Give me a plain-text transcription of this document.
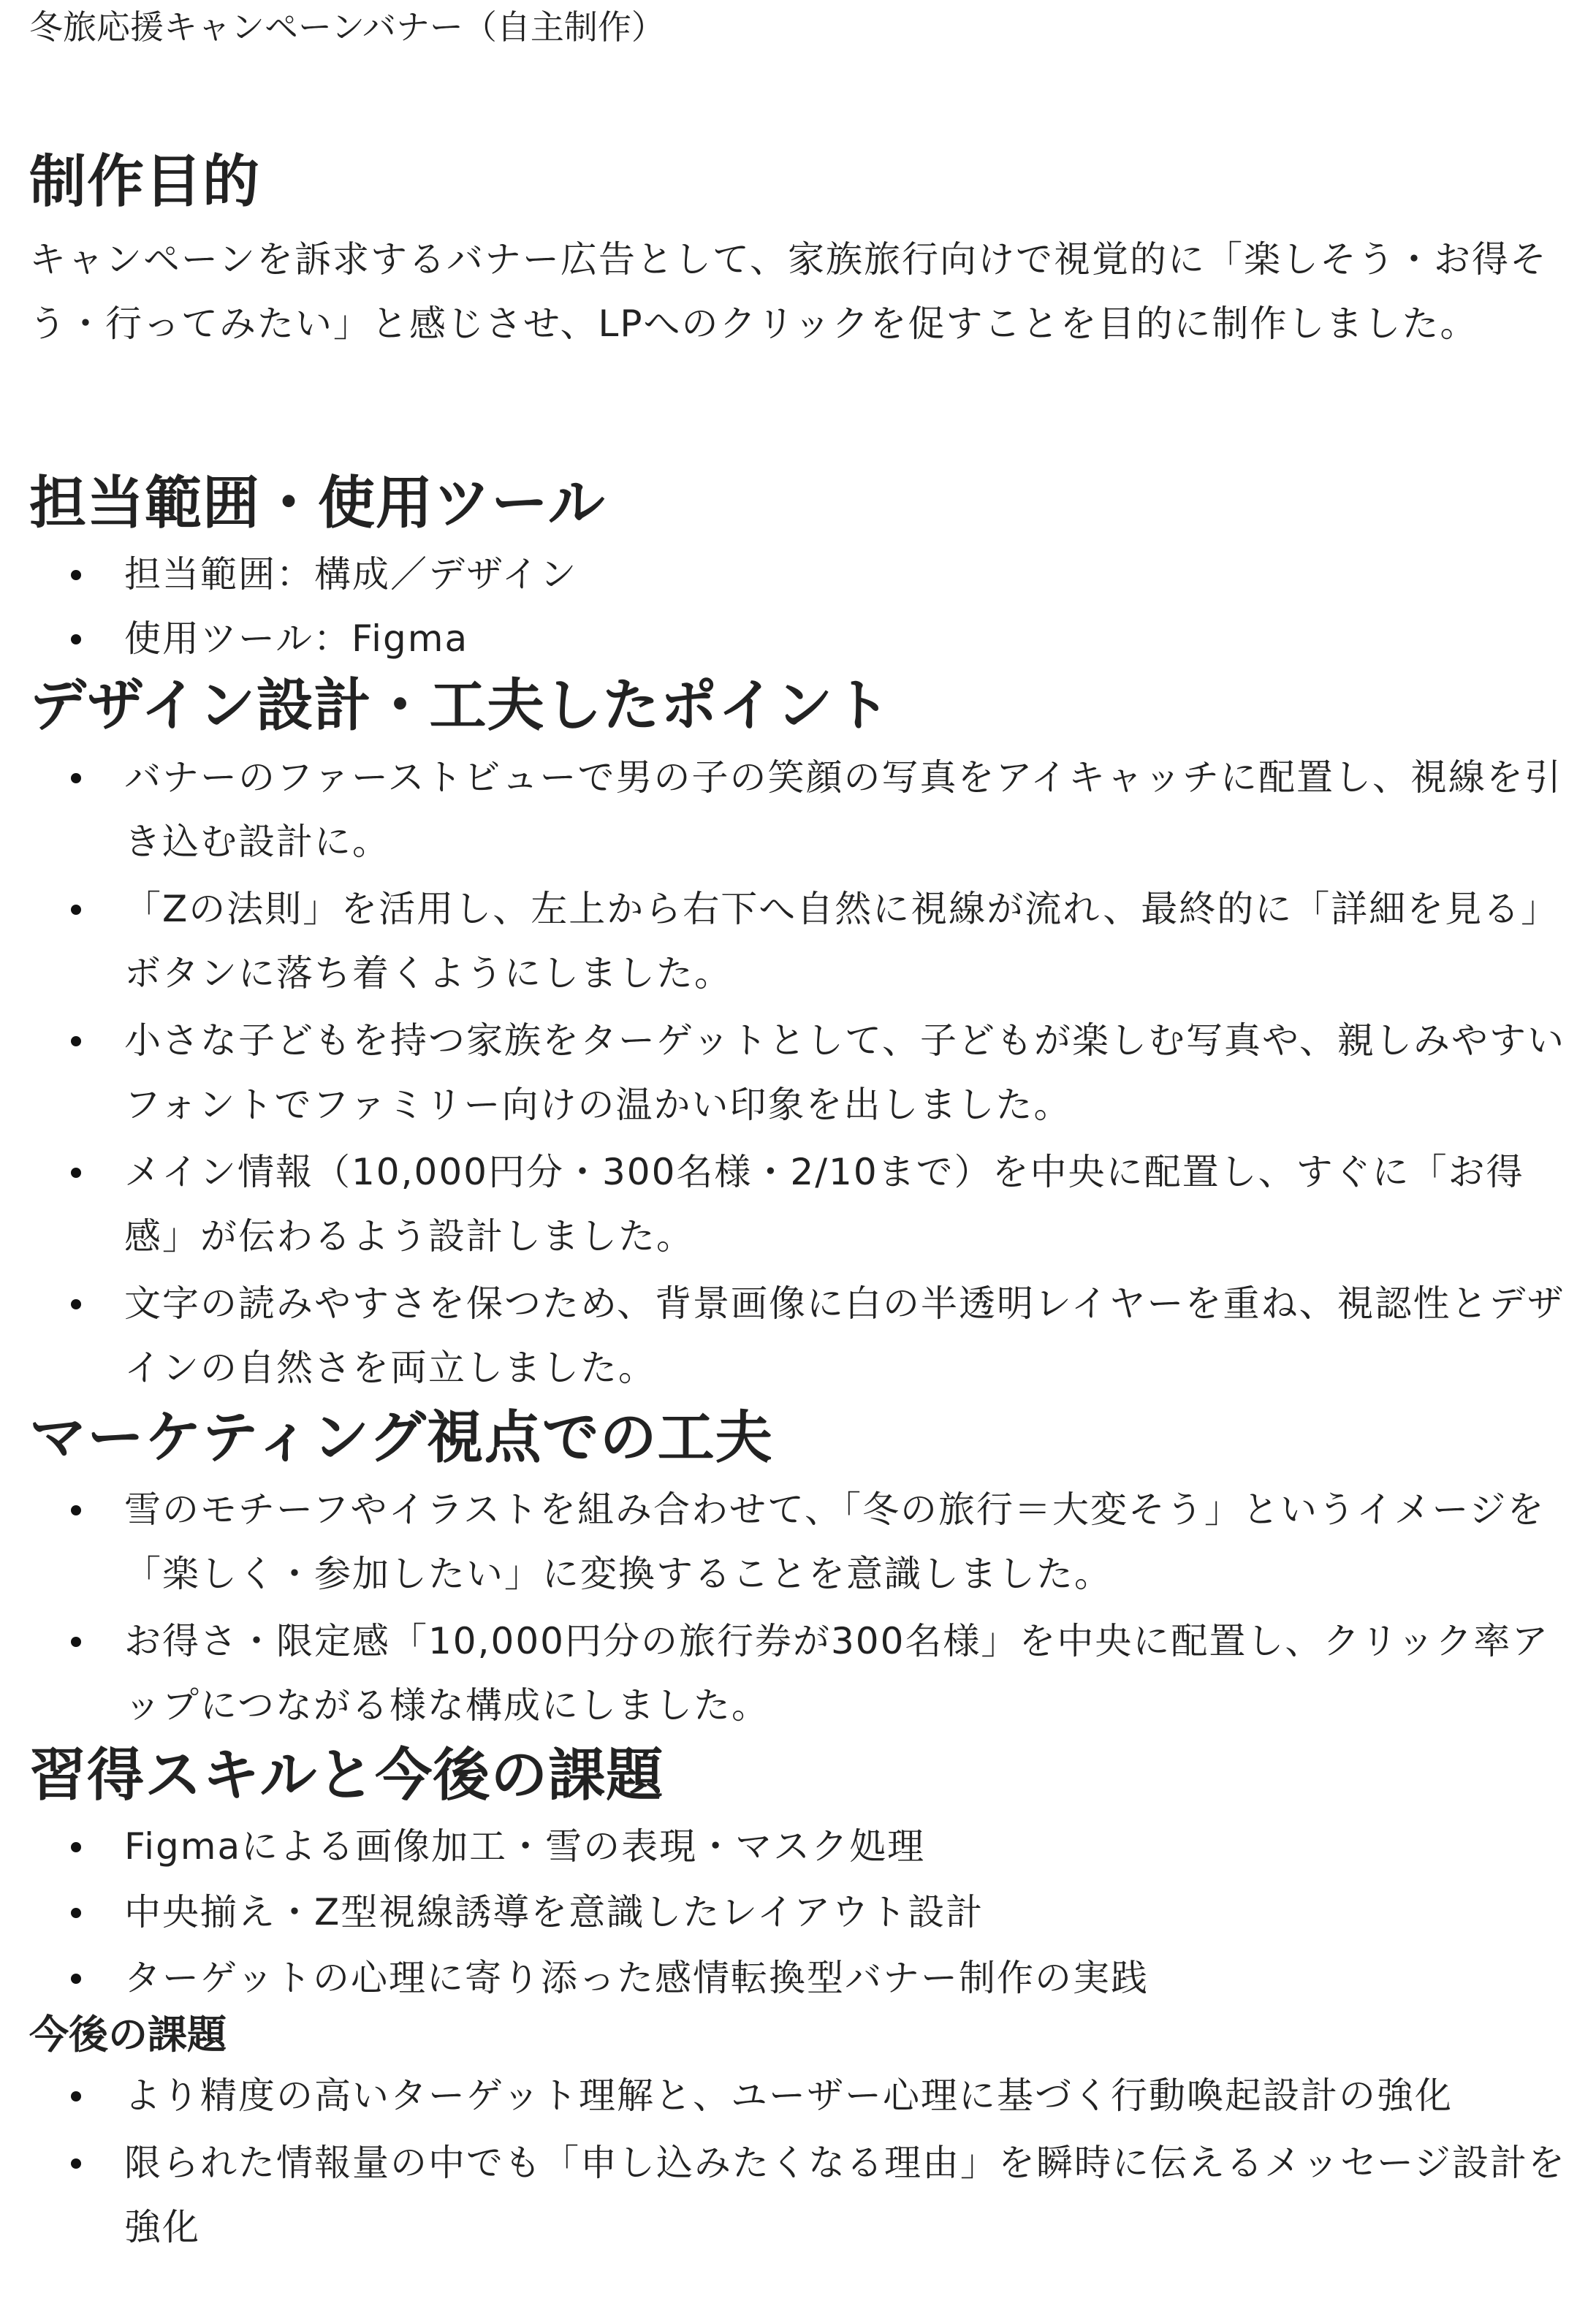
冬旅応援キャンペーンバナー（自主制作）
制作目的

キャンペーンを訴求するバナー広告として、家族旅行向けで視覚的に「楽しそう・お得そう・行ってみたい」と感じさせ、LPへのクリックを促すことを目的に制作しました。

担当範囲・使用ツール
担当範囲：構成／デザイン
使用ツール：Figma
デザイン設計・工夫したポイント
バナーのファーストビューで男の子の笑顔の写真をアイキャッチに配置し、視線を引き込む設計に。
「Zの法則」を活用し、左上から右下へ自然に視線が流れ、最終的に「詳細を見る」ボタンに落ち着くようにしました。
小さな子どもを持つ家族をターゲットとして、子どもが楽しむ写真や、親しみやすいフォントでファミリー向けの温かい印象を出しました。
メイン情報（10,000円分・300名様・2/10まで）を中央に配置し、すぐに「お得感」が伝わるよう設計しました。
文字の読みやすさを保つため、背景画像に白の半透明レイヤーを重ね、視認性とデザインの自然さを両立しました。
マーケティング視点での工夫
雪のモチーフやイラストを組み合わせて、「冬の旅行＝大変そう」というイメージを「楽しく・参加したい」に変換することを意識しました。
お得さ・限定感「10,000円分の旅行券が300名様」を中央に配置し、クリック率アップにつながる様な構成にしました。
習得スキルと今後の課題
Figmaによる画像加工・雪の表現・マスク処理
中央揃え・Z型視線誘導を意識したレイアウト設計
ターゲットの心理に寄り添った感情転換型バナー制作の実践
今後の課題
より精度の高いターゲット理解と、ユーザー心理に基づく行動喚起設計の強化
限られた情報量の中でも「申し込みたくなる理由」を瞬時に伝えるメッセージ設計を強化
